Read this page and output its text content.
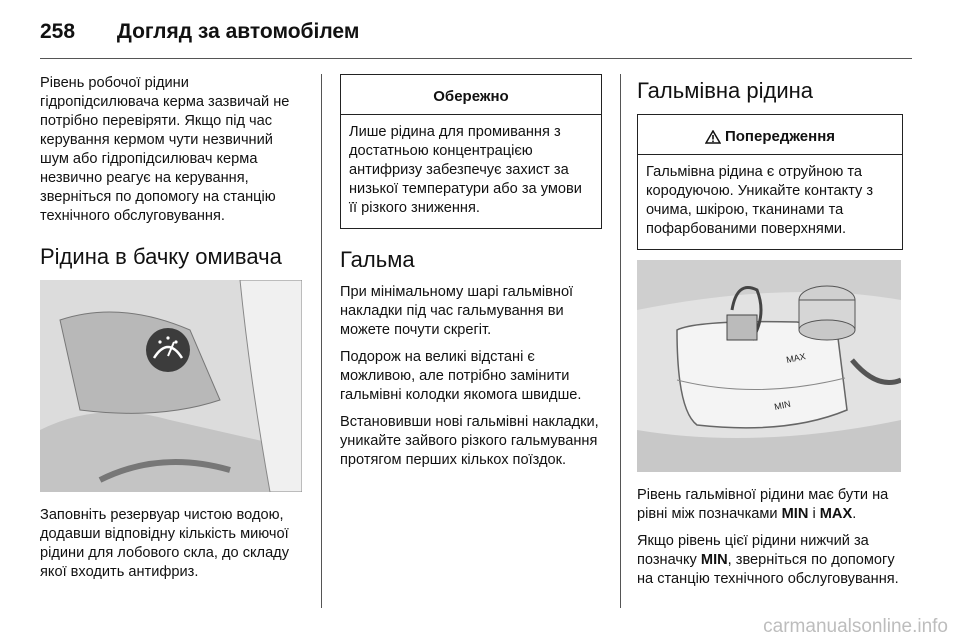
258 Догляд за автомобілем

Рівень робочої рідини гідропідсилювача керма зазвичай не потрібно перевіряти. Якщо під час керування кермом чути незвичний шум або гідропідсилювач керма незвично реагує на керування, зверніться по допомогу на станцію технічного обслуговування.

Рідина в бачку омивача

Заповніть резервуар чистою водою, додавши відповідну кількість миючої рідини для лобового скла, до складу якої входить антифриз.

Обережно
Лише рідина для промивання з достатньою концентрацією антифризу забезпечує захист за низької температури або за умови її різкого зниження.
Гальма

При мінімальному шарі гальмівної накладки під час гальмування ви можете почути скрегіт.

Подорож на великі відстані є можливою, але потрібно замінити гальмівні колодки якомога швидше.

Встановивши нові гальмівні накладки, уникайте зайвого різкого гальмування протягом перших кількох поїздок.

Гальмівна рідина
Попередження
Гальмівна рідина є отруйною та кородуючою. Уникайте контакту з очима, шкірою, тканинами та пофарбованими поверхнями.
MAX
MIN

Рівень гальмівної рідини має бути на рівні між позначками MIN і MAX.

Якщо рівень цієї рідини нижчий за позначку MIN, зверніться по допомогу на станцію технічного обслуговування.

carmanualsonline.info
